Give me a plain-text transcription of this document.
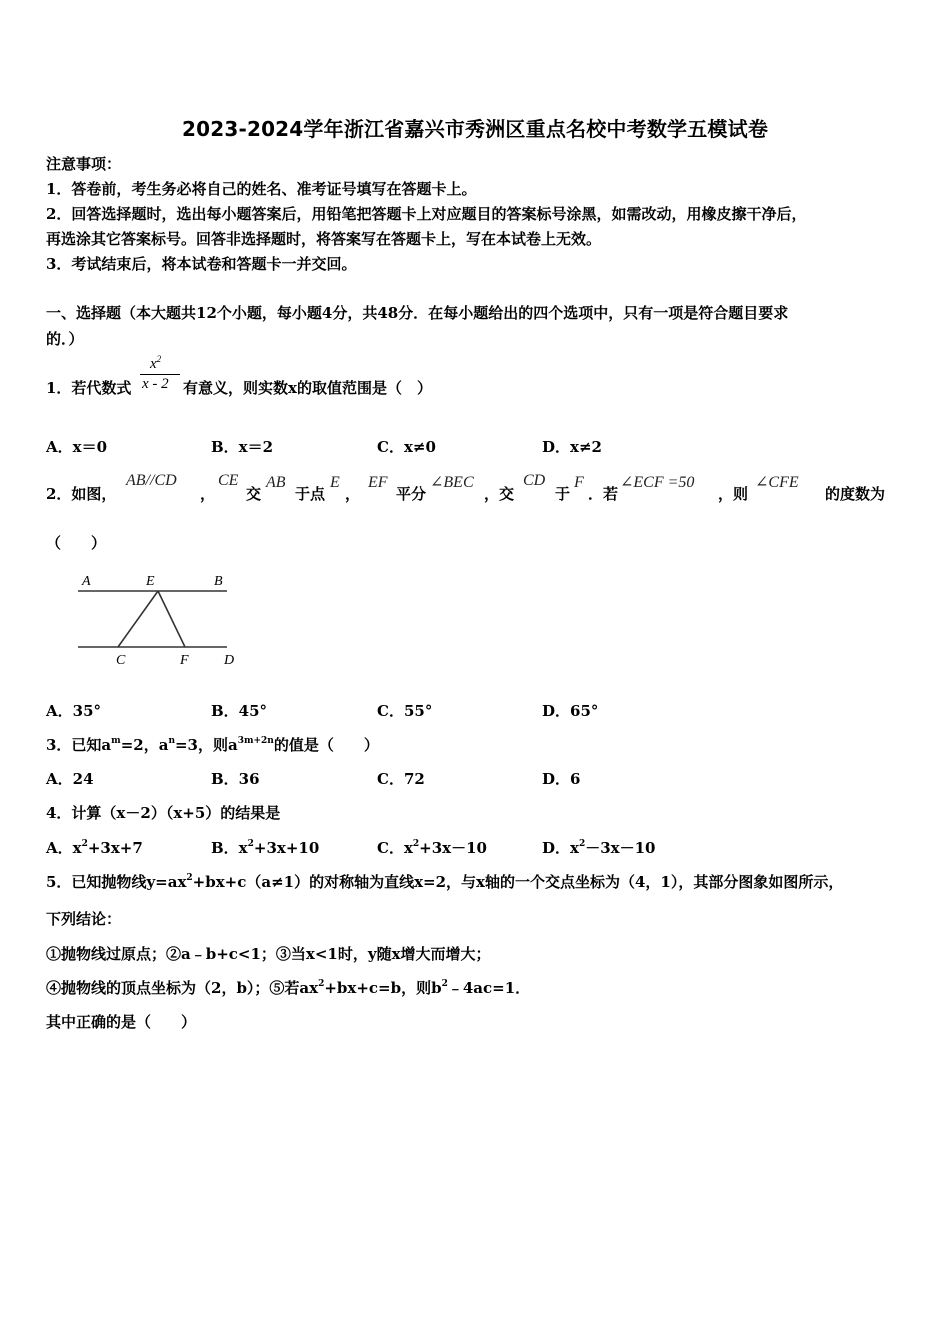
2023-2024学年浙江省嘉兴市秀洲区重点名校中考数学五模试卷
注意事项：
1．答卷前，考生务必将自己的姓名、准考证号填写在答题卡上。
2．回答选择题时，选出每小题答案后，用铅笔把答题卡上对应题目的答案标号涂黑，如需改动，用橡皮擦干净后，
再选涂其它答案标号。回答非选择题时，将答案写在答题卡上，写在本试卷上无效。
3．考试结束后，将本试卷和答题卡一并交回。
一、选择题（本大题共12个小题，每小题4分，共48分．在每小题给出的四个选项中，只有一项是符合题目要求
的．）
1．若代数式
$x^2$
x - 2 有意义，则实数x的取值范围是（　）
A．x＝0	B．x＝2	C．x≠0	D．x≠2
2．如图，
AB//CD
，
CE
交
AB
于点
E
，
EF
平分
∠BEC
，交
CD
于
F
．若
∠ECF =50
，则
∠CFE
的度数为
（　　）
A	E	B
C	F	D
A．35°	B．45°	C．55°	D．65°
3．已知$a^m=2$，$a^n=3$，则$a^{3m+2n}$的值是（　　）
A．24	B．36	C．72	D．6
4．计算（x－2）（x+5）的结果是
A．$x^2+3x+7$	B．$x^2+3x+10$	C．$x^2+3x-10$	D．$x^2-3x-10$
5．已知抛物线$y=ax^2+bx+c(a\ne 1)$的对称轴为直线x=2，与x轴的一个交点坐标为（4，1），其部分图象如图所示，
下列结论：
①抛物线过原点；②a﹣b+c<1；③当x<1时，y随x增大而增大；
④抛物线的顶点坐标为（2，b）；⑤若$ax^2+bx+c=b$，则$b^2﹣4ac=1$．
其中正确的是（　　）
